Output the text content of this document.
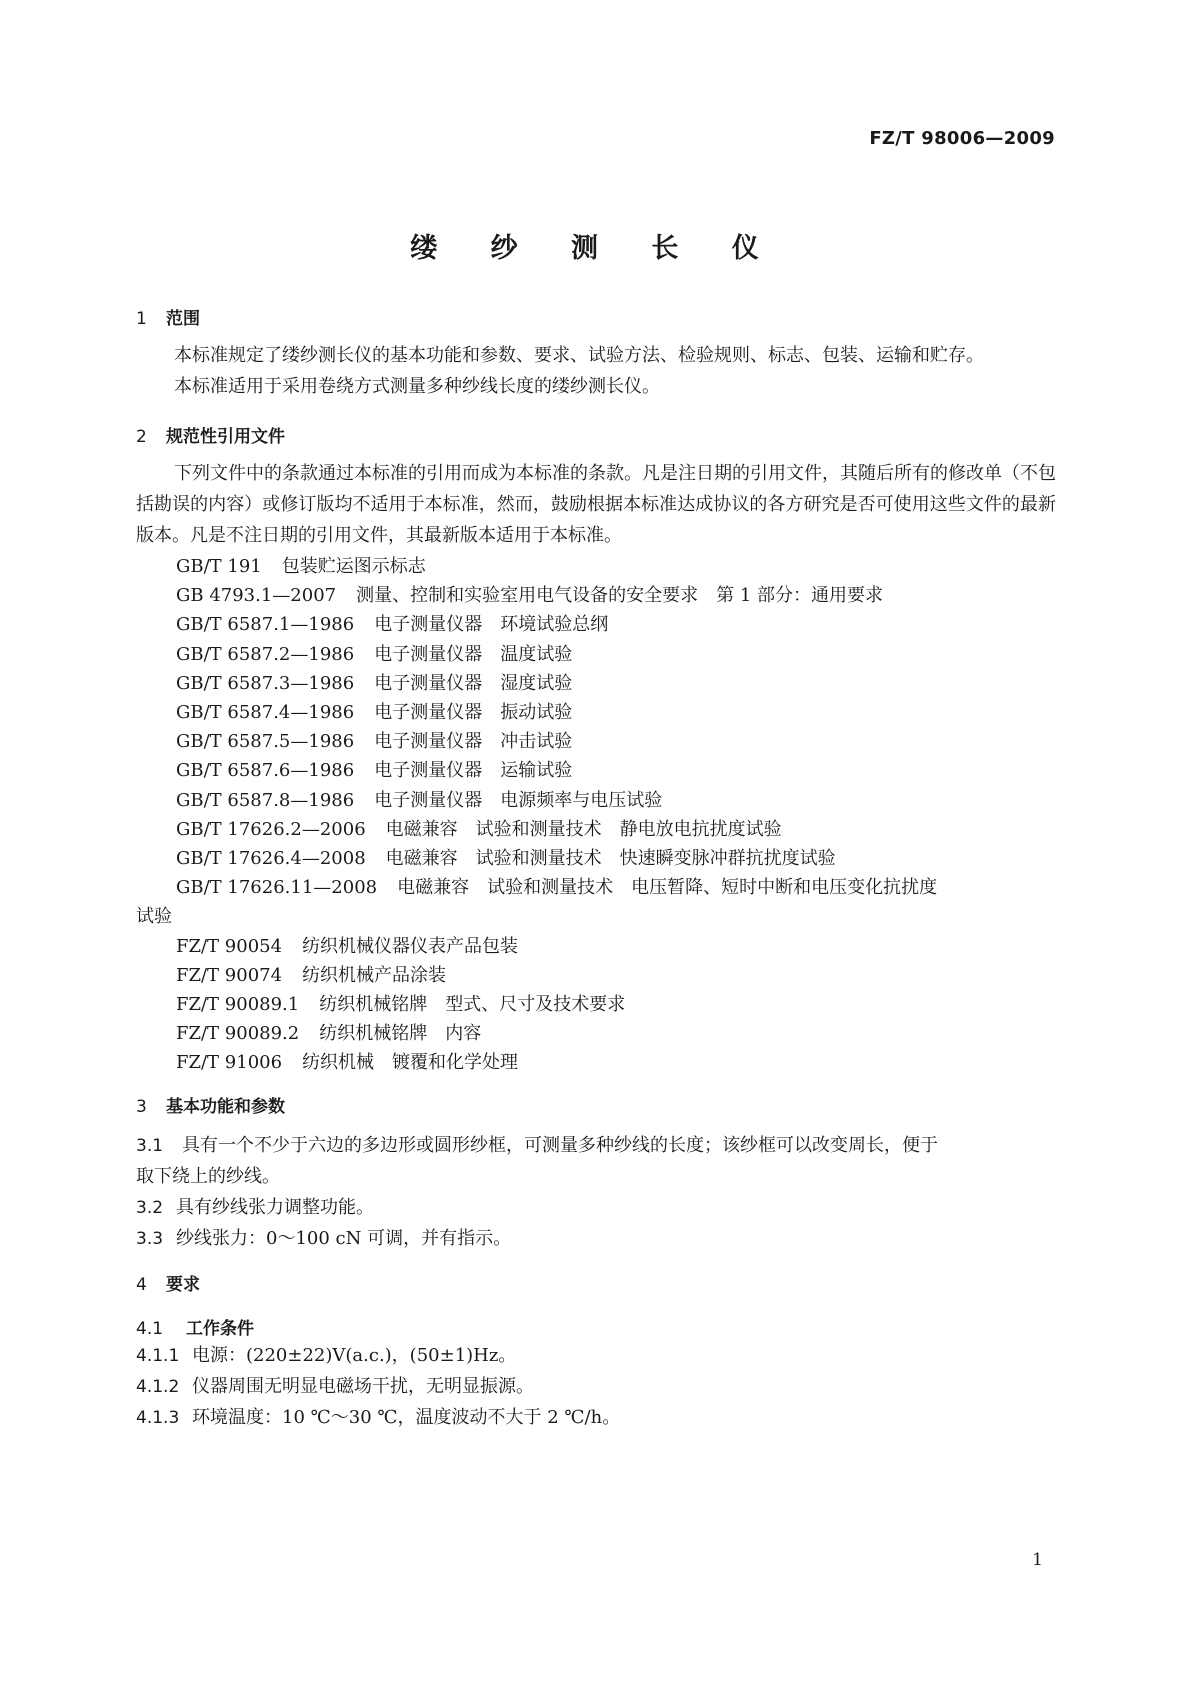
FZ/T 98006—2009
缕 纱 测 长 仪
1 范围
本标准规定了缕纱测长仪的基本功能和参数、要求、试验方法、检验规则、标志、包装、运输和贮存。
本标准适用于采用卷绕方式测量多种纱线长度的缕纱测长仪。
2 规范性引用文件
下列文件中的条款通过本标准的引用而成为本标准的条款。凡是注日期的引用文件，其随后所有的修改单（不包括勘误的内容）或修订版均不适用于本标准，然而，鼓励根据本标准达成协议的各方研究是否可使用这些文件的最新版本。凡是不注日期的引用文件，其最新版本适用于本标准。
GB/T 191 包装贮运图示标志
GB 4793.1—2007 测量、控制和实验室用电气设备的安全要求　第 1 部分：通用要求
GB/T 6587.1—1986 电子测量仪器　环境试验总纲
GB/T 6587.2—1986 电子测量仪器　温度试验
GB/T 6587.3—1986 电子测量仪器　湿度试验
GB/T 6587.4—1986 电子测量仪器　振动试验
GB/T 6587.5—1986 电子测量仪器　冲击试验
GB/T 6587.6—1986 电子测量仪器　运输试验
GB/T 6587.8—1986 电子测量仪器　电源频率与电压试验
GB/T 17626.2—2006 电磁兼容　试验和测量技术　静电放电抗扰度试验
GB/T 17626.4—2008 电磁兼容　试验和测量技术　快速瞬变脉冲群抗扰度试验
GB/T 17626.11—2008 电磁兼容　试验和测量技术　电压暂降、短时中断和电压变化抗扰度
试验
FZ/T 90054 纺织机械仪器仪表产品包装
FZ/T 90074 纺织机械产品涂装
FZ/T 90089.1 纺织机械铭牌　型式、尺寸及技术要求
FZ/T 90089.2 纺织机械铭牌　内容
FZ/T 91006 纺织机械　镀覆和化学处理
3 基本功能和参数
3.1 具有一个不少于六边的多边形或圆形纱框，可测量多种纱线的长度；该纱框可以改变周长，便于
取下绕上的纱线。
3.2 具有纱线张力调整功能。
3.3 纱线张力：0～100 cN 可调，并有指示。
4 要求
4.1 工作条件
4.1.1 电源：(220±22)V(a.c.)，(50±1)Hz。
4.1.2 仪器周围无明显电磁场干扰，无明显振源。
4.1.3 环境温度：10 ℃～30 ℃，温度波动不大于 2 ℃/h。
1
